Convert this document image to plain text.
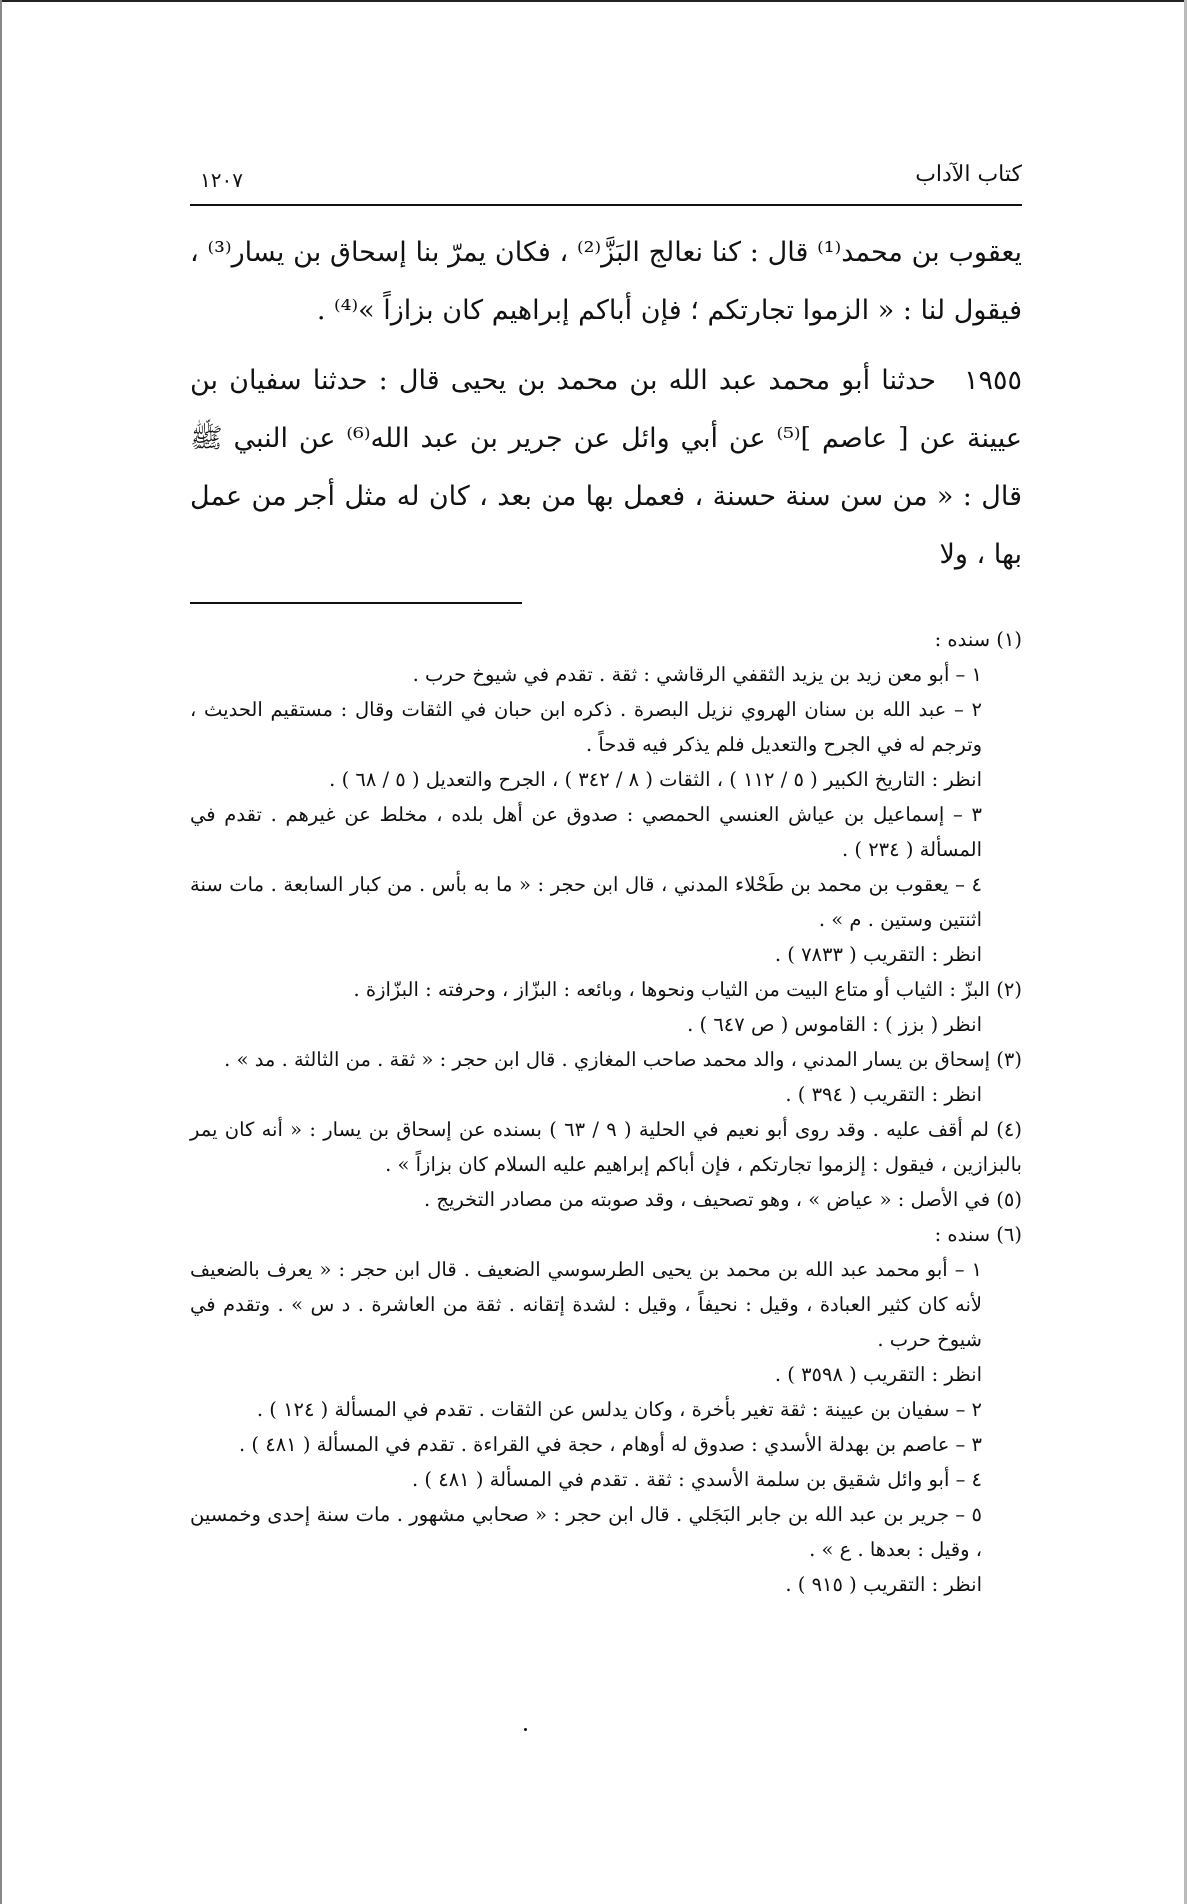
كتاب الآداب
١٢٠٧

يعقوب بن محمد⁽¹⁾ قال : كنا نعالج البَزَّ⁽²⁾ ، فكان يمرّ بنا إسحاق بن يسار⁽³⁾ ، فيقول لنا : « الزموا تجارتكم ؛ فإن أباكم إبراهيم كان بزازاً »⁽⁴⁾ .

١٩٥٥حدثنا أبو محمد عبد الله بن محمد بن يحيى قال : حدثنا سفيان بن عيينة عن [ عاصم ]⁽⁵⁾ عن أبي وائل عن جرير بن عبد الله⁽⁶⁾ عن النبي ﷺ قال : « من سن سنة حسنة ، فعمل بها من بعد ، كان له مثل أجر من عمل بها ، ولا

(١) سنده :

١ – أبو معن زيد بن يزيد الثقفي الرقاشي : ثقة . تقدم في شيوخ حرب .

٢ – عبد الله بن سنان الهروي نزيل البصرة . ذكره ابن حبان في الثقات وقال : مستقيم الحديث ، وترجم له في الجرح والتعديل فلم يذكر فيه قدحاً .

انظر : التاريخ الكبير ( ٥ / ١١٢ ) ، الثقات ( ٨ / ٣٤٢ ) ، الجرح والتعديل ( ٥ / ٦٨ ) .

٣ – إسماعيل بن عياش العنسي الحمصي : صدوق عن أهل بلده ، مخلط عن غيرهم . تقدم في المسألة ( ٢٣٤ ) .

٤ – يعقوب بن محمد بن طَحْلاء المدني ، قال ابن حجر : « ما به بأس . من كبار السابعة . مات سنة اثنتين وستين . م » .

انظر : التقريب ( ٧٨٣٣ ) .

(٢) البزّ : الثياب أو متاع البيت من الثياب ونحوها ، وبائعه : البزّاز ، وحرفته : البزّازة .

انظر ( بزز ) : القاموس ( ص ٦٤٧ ) .

(٣) إسحاق بن يسار المدني ، والد محمد صاحب المغازي . قال ابن حجر : « ثقة . من الثالثة . مد » .

انظر : التقريب ( ٣٩٤ ) .

(٤) لم أقف عليه . وقد روى أبو نعيم في الحلية ( ٩ / ٦٣ ) بسنده عن إسحاق بن يسار : « أنه كان يمر بالبزازين ، فيقول : إلزموا تجارتكم ، فإن أباكم إبراهيم عليه السلام كان بزازاً » .

(٥) في الأصل : « عياض » ، وهو تصحيف ، وقد صوبته من مصادر التخريج .

(٦) سنده :

١ – أبو محمد عبد الله بن محمد بن يحيى الطرسوسي الضعيف . قال ابن حجر : « يعرف بالضعيف لأنه كان كثير العبادة ، وقيل : نحيفاً ، وقيل : لشدة إتقانه . ثقة من العاشرة . د س » . وتقدم في شيوخ حرب .

انظر : التقريب ( ٣٥٩٨ ) .

٢ – سفيان بن عيينة : ثقة تغير بأخرة ، وكان يدلس عن الثقات . تقدم في المسألة ( ١٢٤ ) .

٣ – عاصم بن بهدلة الأسدي : صدوق له أوهام ، حجة في القراءة . تقدم في المسألة ( ٤٨١ ) .

٤ – أبو وائل شقيق بن سلمة الأسدي : ثقة . تقدم في المسألة ( ٤٨١ ) .

٥ – جرير بن عبد الله بن جابر البَجَلي . قال ابن حجر : « صحابي مشهور . مات سنة إحدى وخمسين ، وقيل : بعدها . ع » .

انظر : التقريب ( ٩١٥ ) .
